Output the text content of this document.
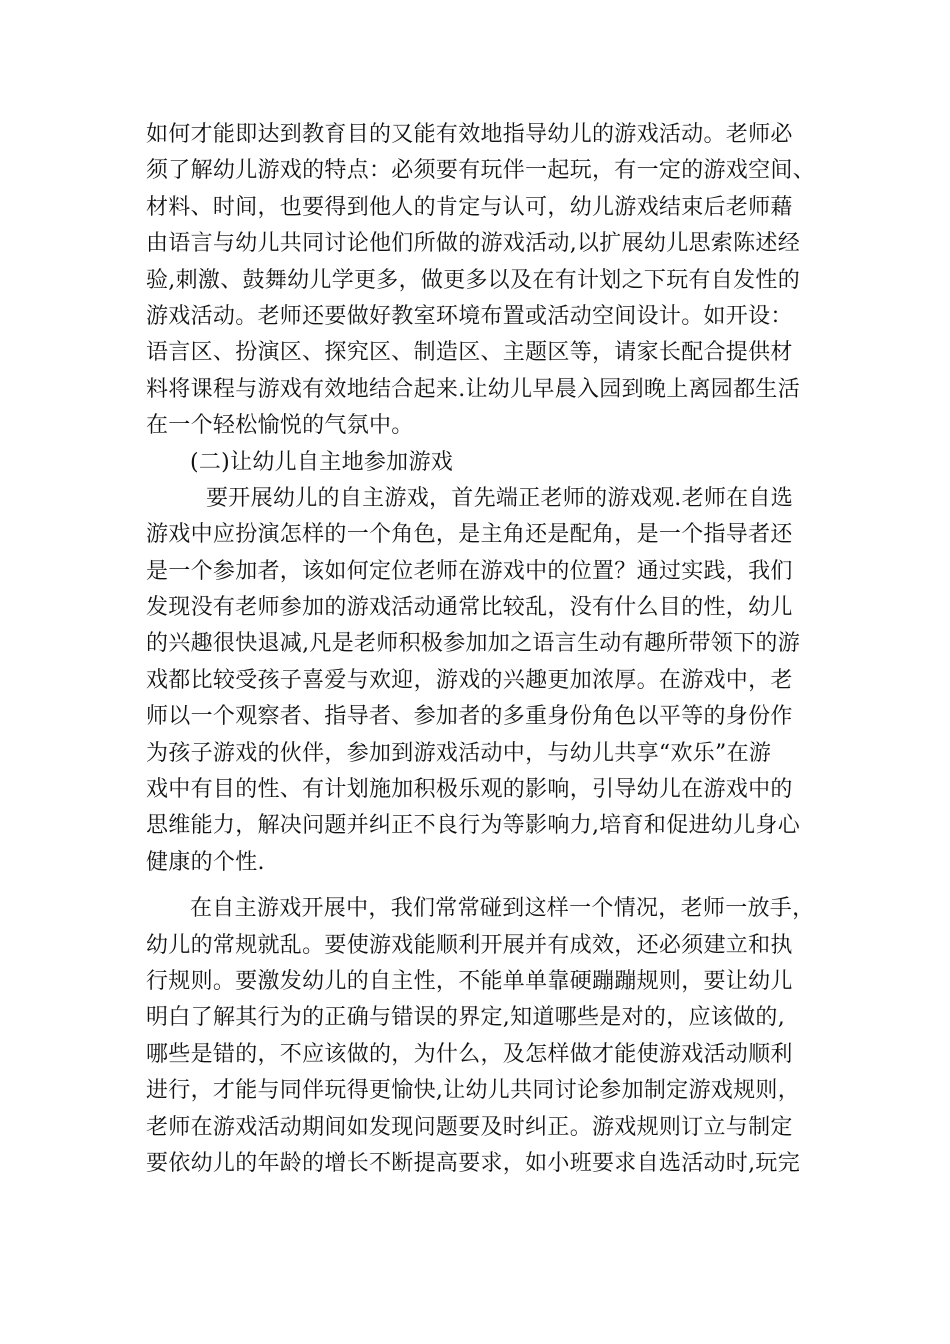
如何才能即达到教育目的又能有效地指导幼儿的游戏活动。老师必
须了解幼儿游戏的特点：必须要有玩伴一起玩，有一定的游戏空间、
材料、时间，也要得到他人的肯定与认可，幼儿游戏结束后老师藉
由语言与幼儿共同讨论他们所做的游戏活动,以扩展幼儿思索陈述经
验,刺激、鼓舞幼儿学更多，做更多以及在有计划之下玩有自发性的
游戏活动。老师还要做好教室环境布置或活动空间设计。如开设：
语言区、扮演区、探究区、制造区、主题区等，请家长配合提供材
料将课程与游戏有效地结合起来.让幼儿早晨入园到晚上离园都生活
在一个轻松愉悦的气氛中。
(二)让幼儿自主地参加游戏
要开展幼儿的自主游戏，首先端正老师的游戏观.老师在自选
游戏中应扮演怎样的一个角色，是主角还是配角，是一个指导者还
是一个参加者，该如何定位老师在游戏中的位置？通过实践，我们
发现没有老师参加的游戏活动通常比较乱，没有什么目的性，幼儿
的兴趣很快退减,凡是老师积极参加加之语言生动有趣所带领下的游
戏都比较受孩子喜爱与欢迎，游戏的兴趣更加浓厚。在游戏中，老
师以一个观察者、指导者、参加者的多重身份角色以平等的身份作
为孩子游戏的伙伴，参加到游戏活动中，与幼儿共享“欢乐”在游
戏中有目的性、有计划施加积极乐观的影响，引导幼儿在游戏中的
思维能力，解决问题并纠正不良行为等影响力,培育和促进幼儿身心
健康的个性.
在自主游戏开展中，我们常常碰到这样一个情况，老师一放手，
幼儿的常规就乱。要使游戏能顺利开展并有成效，还必须建立和执
行规则。要激发幼儿的自主性，不能单单靠硬蹦蹦规则，要让幼儿
明白了解其行为的正确与错误的界定,知道哪些是对的，应该做的,
哪些是错的，不应该做的，为什么，及怎样做才能使游戏活动顺利
进行，才能与同伴玩得更愉快,让幼儿共同讨论参加制定游戏规则，
老师在游戏活动期间如发现问题要及时纠正。游戏规则订立与制定
要依幼儿的年龄的增长不断提高要求，如小班要求自选活动时,玩完
